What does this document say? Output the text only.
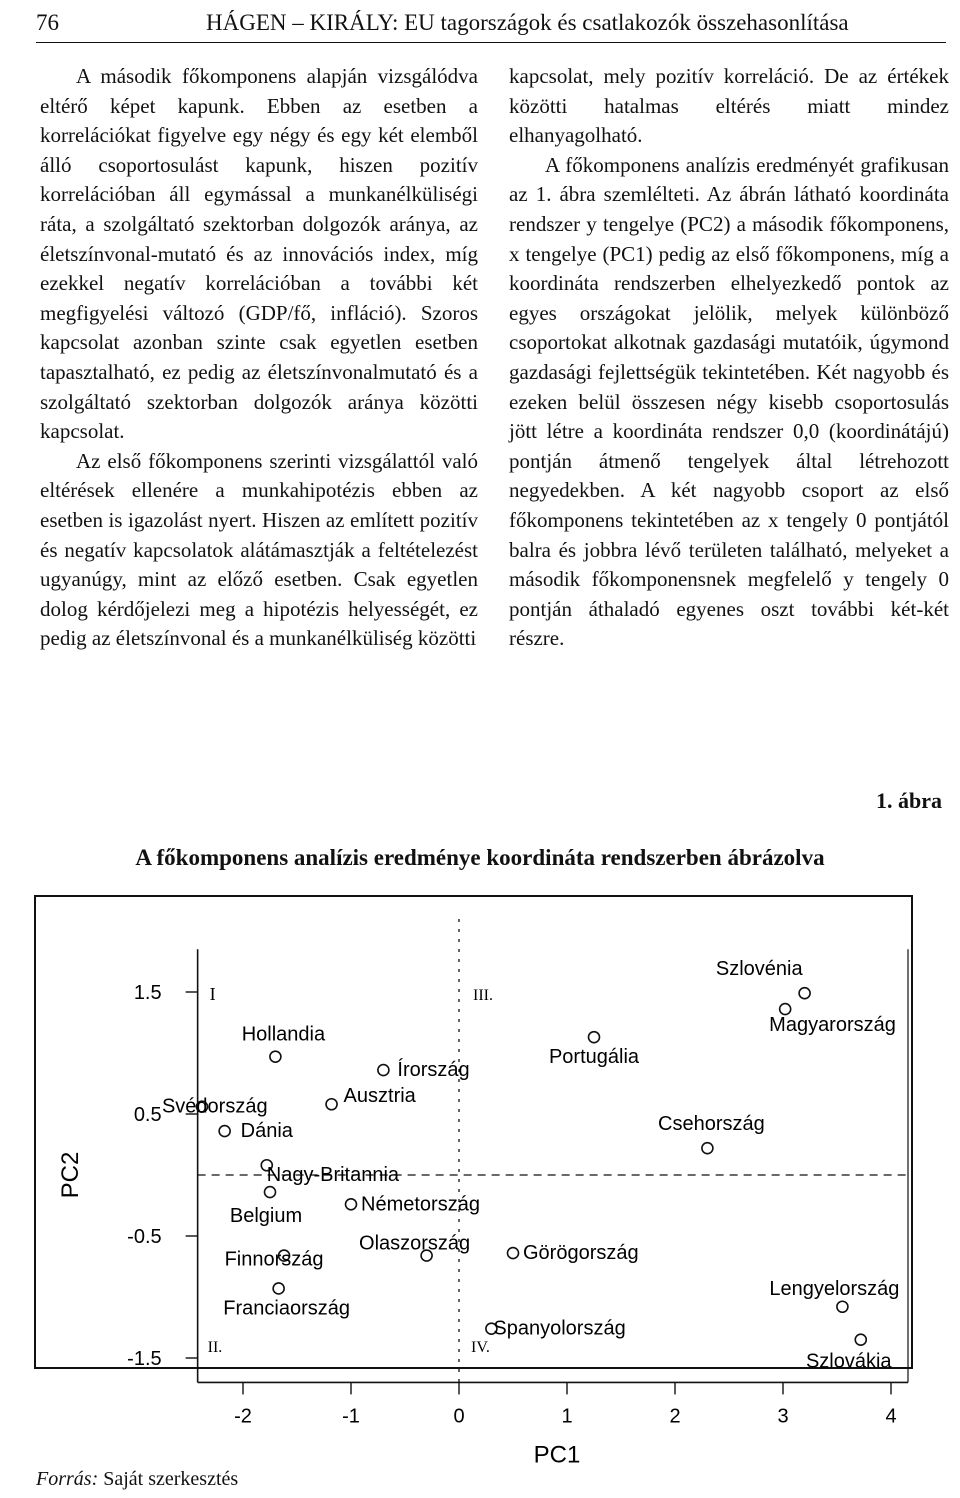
76	HÁGEN – KIRÁLY: EU tagországok és csatlakozók összehasonlítása

A második főkomponens alapján vizsgálódva eltérő képet kapunk. Ebben az esetben a korrelációkat figyelve egy négy és egy két elemből álló csoportosulást kapunk, hiszen pozitív korrelációban áll egymással a munkanélküliségi ráta, a szolgáltató szektorban dolgozók aránya, az életszínvonal-mutató és az innovációs index, míg ezekkel negatív korrelációban a további két megfigyelési változó (GDP/fő, infláció). Szoros kapcsolat azonban szinte csak egyetlen esetben tapasztalható, ez pedig az életszínvonalmutató és a szolgáltató szektorban dolgozók aránya közötti kapcsolat.

Az első főkomponens szerinti vizsgálattól való eltérések ellenére a munkahipotézis ebben az esetben is igazolást nyert. Hiszen az említett pozitív és negatív kapcsolatok alátámasztják a feltételezést ugyanúgy, mint az előző esetben. Csak egyetlen dolog kérdőjelezi meg a hipotézis helyességét, ez pedig az életszínvonal és a munkanélküliség közötti

kapcsolat, mely pozitív korreláció. De az értékek közötti hatalmas eltérés miatt mindez elhanyagolható.

A főkomponens analízis eredményét grafikusan az 1. ábra szemlélteti. Az ábrán látható koordináta rendszer y tengelye (PC2) a második főkomponens, x tengelye (PC1) pedig az első főkomponens, míg a koordináta rendszerben elhelyezkedő pontok az egyes országokat jelölik, melyek különböző csoportokat alkotnak gazdasági mutatóik, úgymond gazdasági fejlettségük tekintetében. Két nagyobb és ezeken belül összesen négy kisebb csoportosulás jött létre a koordináta rendszer 0,0 (koordinátájú) pontján átmenő tengelyek által létrehozott negyedekben. A két nagyobb csoport az első főkomponens tekintetében az x tengely 0 pontjától balra és jobbra lévő területen található, melyeket a második főkomponensnek megfelelő y tengely 0 pontján áthaladó egyenes oszt további két-két részre.

1. ábra
A főkomponens analízis eredménye koordináta rendszerben ábrázolva
-2	-1	0	1	2	3	4
1.5
0.5
-0.5
-1.5
PC1
PC2
I
II.
III.
IV.
Szlovénia
Magyarország
Portugália
Hollandia
Írország
Svédország	Ausztria
Dánia	Csehország
Nagy-Britannia
Belgium
Németország
Finnország
Olaszország	Görögország
Franciaország
Lengyelország
Spanyolország
Szlovákia
Forrás: Saját szerkesztés
